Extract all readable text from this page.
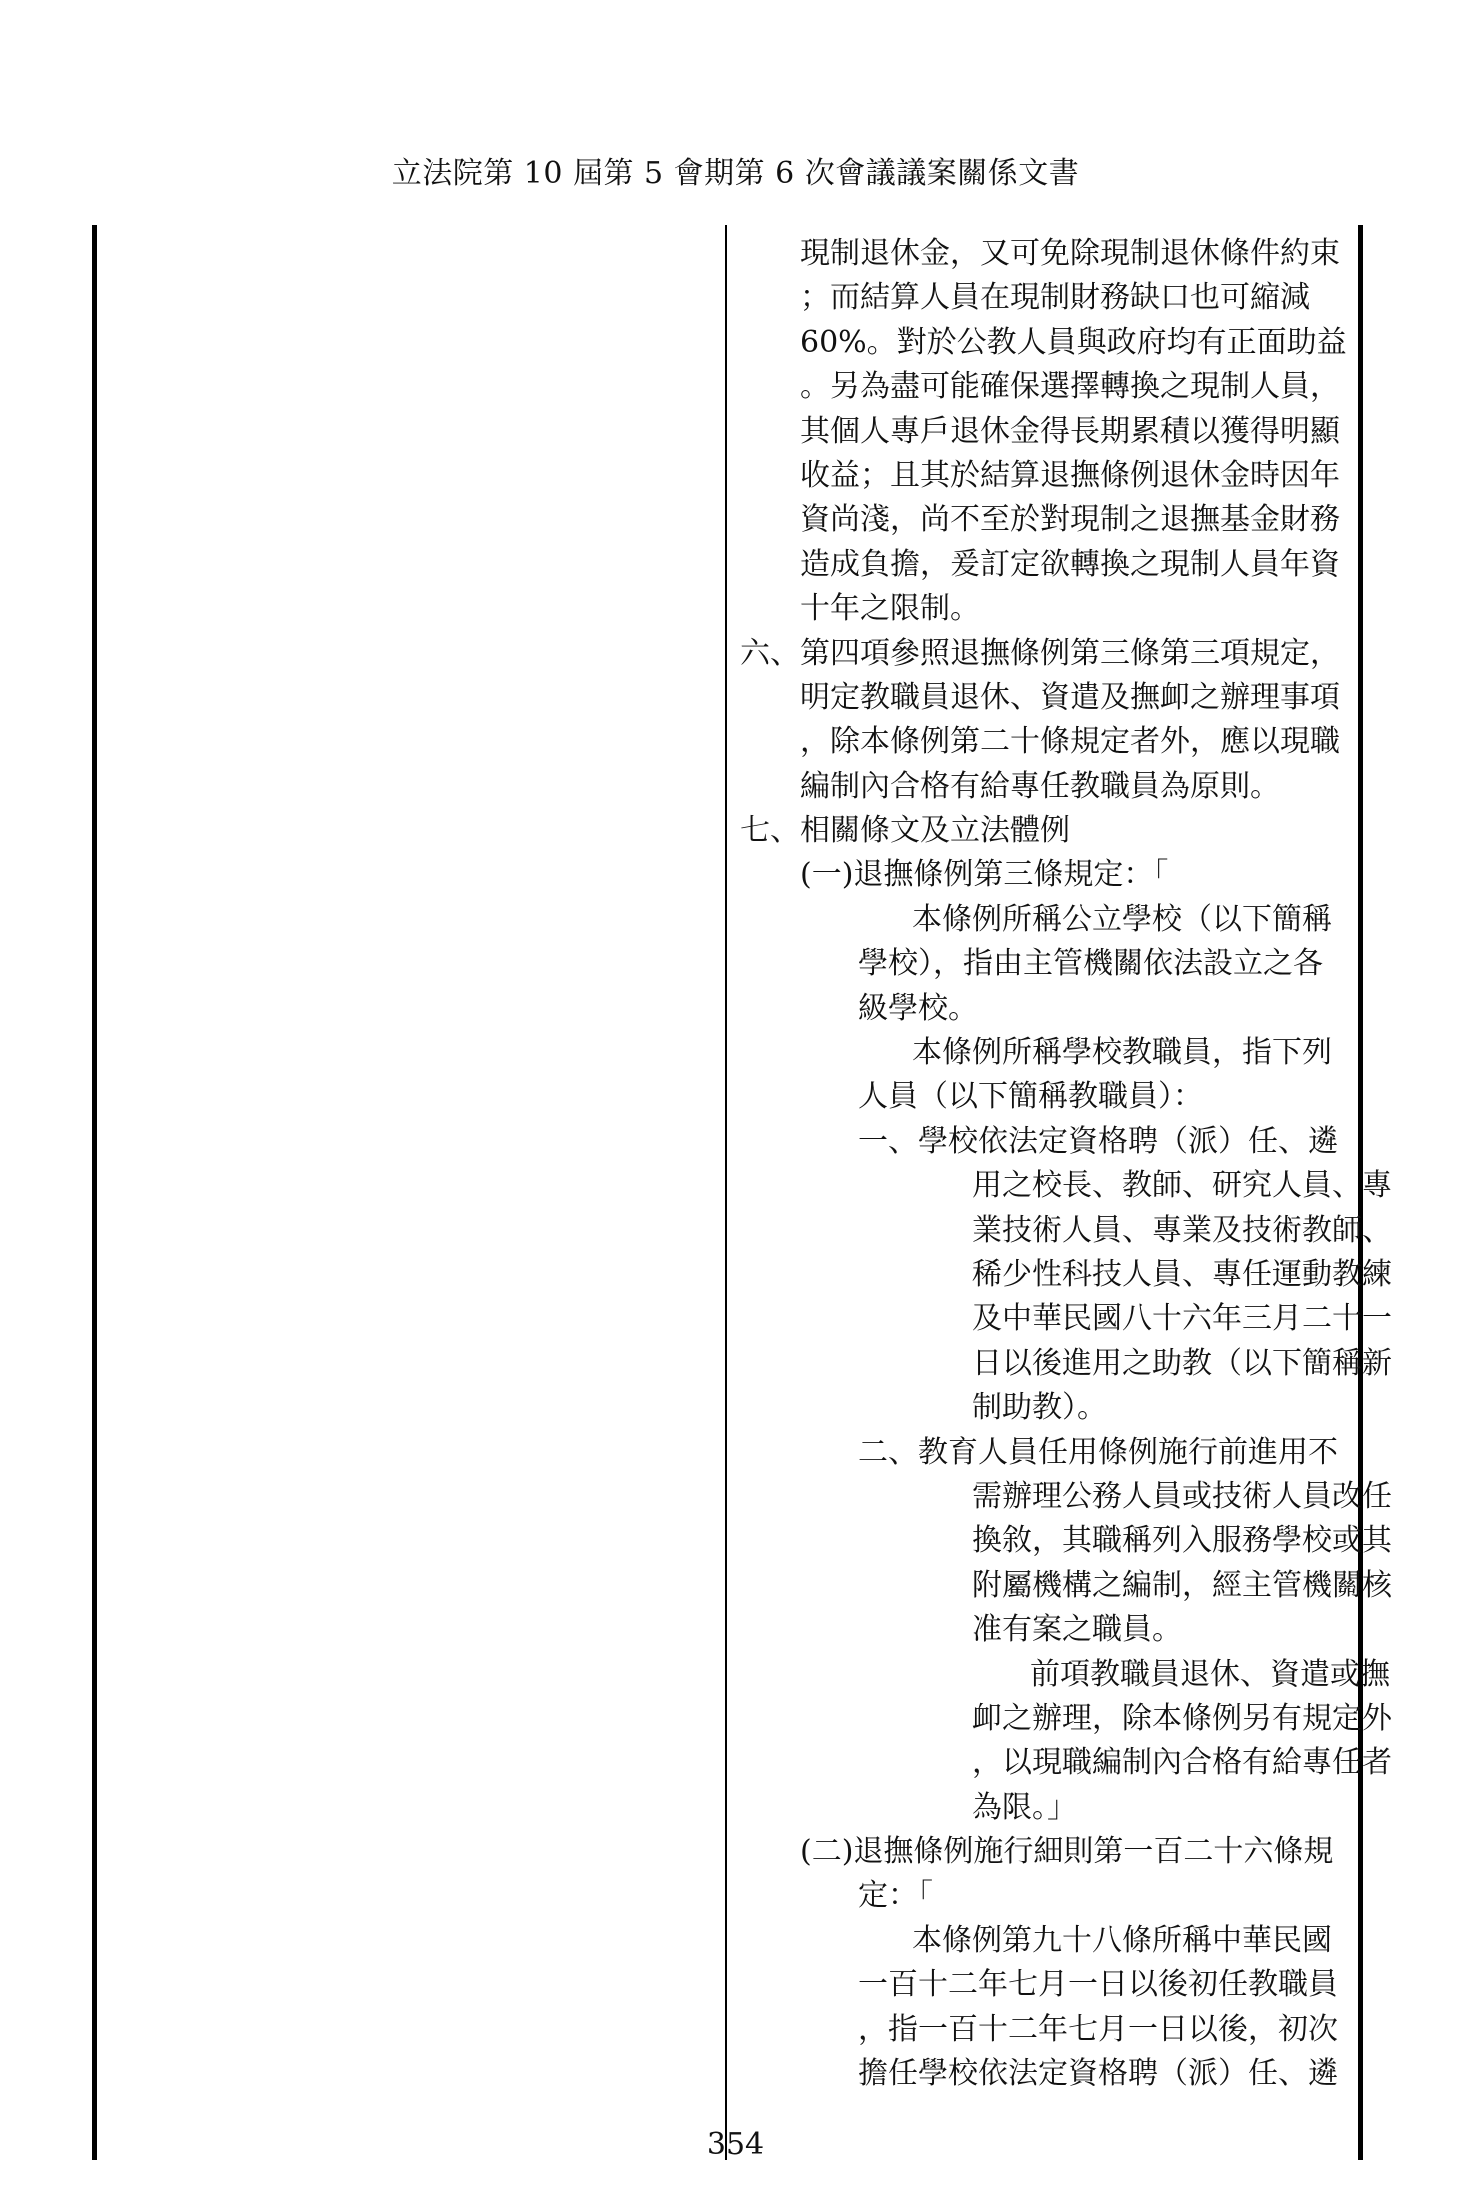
立法院第 10 屆第 5 會期第 6 次會議議案關係文書
現制退休金，又可免除現制退休條件約束
；而結算人員在現制財務缺口也可縮減
60%。對於公教人員與政府均有正面助益
。另為盡可能確保選擇轉換之現制人員，
其個人專戶退休金得長期累積以獲得明顯
收益；且其於結算退撫條例退休金時因年
資尚淺，尚不至於對現制之退撫基金財務
造成負擔，爰訂定欲轉換之現制人員年資
十年之限制。
六、第四項參照退撫條例第三條第三項規定，
明定教職員退休、資遣及撫卹之辦理事項
，除本條例第二十條規定者外，應以現職
編制內合格有給專任教職員為原則。
七、相關條文及立法體例
(一)退撫條例第三條規定：「
本條例所稱公立學校（以下簡稱
學校），指由主管機關依法設立之各
級學校。
本條例所稱學校教職員，指下列
人員（以下簡稱教職員）：
一、學校依法定資格聘（派）任、遴
用之校長、教師、研究人員、專
業技術人員、專業及技術教師、
稀少性科技人員、專任運動教練
及中華民國八十六年三月二十一
日以後進用之助教（以下簡稱新
制助教）。
二、教育人員任用條例施行前進用不
需辦理公務人員或技術人員改任
換敘，其職稱列入服務學校或其
附屬機構之編制，經主管機關核
准有案之職員。
前項教職員退休、資遣或撫
卹之辦理，除本條例另有規定外
，以現職編制內合格有給專任者
為限。」
(二)退撫條例施行細則第一百二十六條規
定：「
本條例第九十八條所稱中華民國
一百十二年七月一日以後初任教職員
，指一百十二年七月一日以後，初次
擔任學校依法定資格聘（派）任、遴
354
